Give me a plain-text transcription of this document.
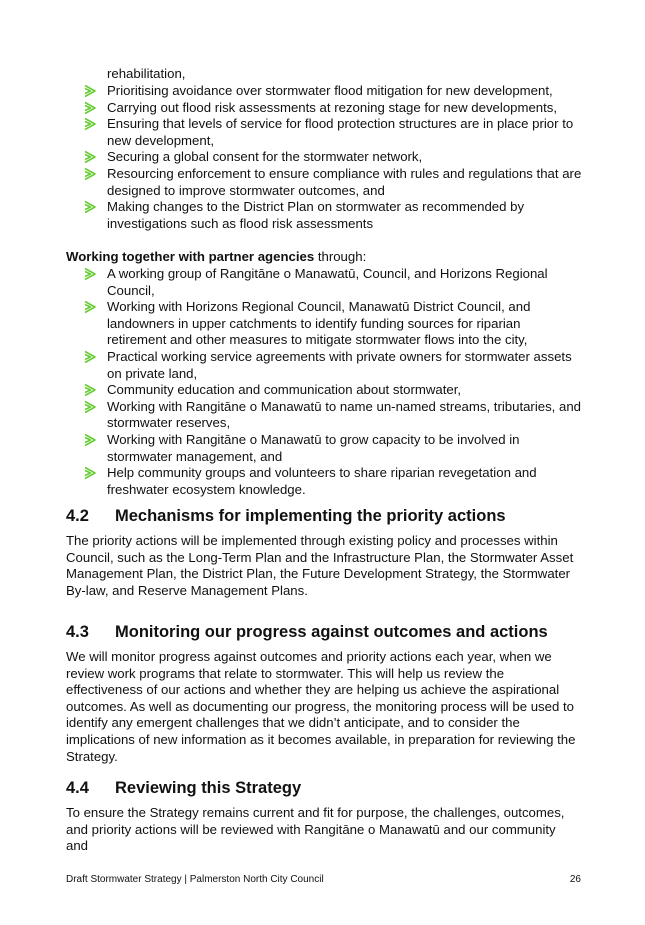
rehabilitation,
Prioritising avoidance over stormwater flood mitigation for new development,
Carrying out flood risk assessments at rezoning stage for new developments,
Ensuring that levels of service for flood protection structures are in place prior to new development,
Securing a global consent for the stormwater network,
Resourcing enforcement to ensure compliance with rules and regulations that are designed to improve stormwater outcomes, and
Making changes to the District Plan on stormwater as recommended by investigations such as flood risk assessments
Working together with partner agencies through:
A working group of Rangitāne o Manawatū, Council, and Horizons Regional Council,
Working with Horizons Regional Council, Manawatū District Council, and landowners in upper catchments to identify funding sources for riparian retirement and other measures to mitigate stormwater flows into the city,
Practical working service agreements with private owners for stormwater assets on private land,
Community education and communication about stormwater,
Working with Rangitāne o Manawatū to name un-named streams, tributaries, and stormwater reserves,
Working with Rangitāne o Manawatū to grow capacity to be involved in stormwater management, and
Help community groups and volunteers to share riparian revegetation and freshwater ecosystem knowledge.
4.2 Mechanisms for implementing the priority actions

The priority actions will be implemented through existing policy and processes within Council, such as the Long-Term Plan and the Infrastructure Plan, the Stormwater Asset Management Plan, the District Plan, the Future Development Strategy, the Stormwater By-law, and Reserve Management Plans.

4.3 Monitoring our progress against outcomes and actions

We will monitor progress against outcomes and priority actions each year, when we review work programs that relate to stormwater. This will help us review the effectiveness of our actions and whether they are helping us achieve the aspirational outcomes. As well as documenting our progress, the monitoring process will be used to identify any emergent challenges that we didn’t anticipate, and to consider the implications of new information as it becomes available, in preparation for reviewing the Strategy.

4.4 Reviewing this Strategy

To ensure the Strategy remains current and fit for purpose, the challenges, outcomes, and priority actions will be reviewed with Rangitāne o Manawatū and our community and

Draft Stormwater Strategy | Palmerston North City Council	26
